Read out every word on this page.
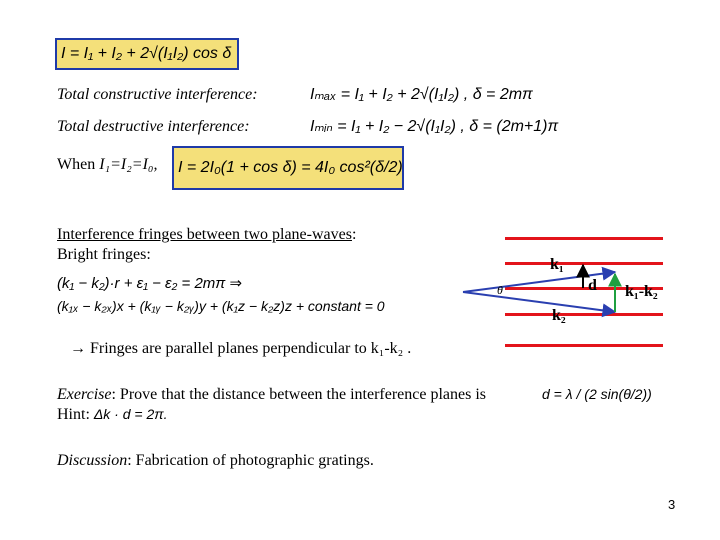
I = I₁ + I₂ + 2√(I₁I₂) cos δ
Total constructive interference:	Iₘₐₓ = I₁ + I₂ + 2√(I₁I₂) , δ = 2mπ
Total destructive interference:	Iₘᵢₙ = I₁ + I₂ − 2√(I₁I₂) , δ = (2m+1)π
When I₁=I₂=I₀,	I = 2I₀(1 + cos δ) = 4I₀ cos²(δ/2)
Interference fringes between two plane-waves:
Bright fringes:
(k₁ − k₂)·r + ε₁ − ε₂ = 2mπ ⇒
(k₁ₓ − k₂ₓ)x + (k₁ᵧ − k₂ᵧ)y + (k₁z − k₂z)z + constant = 0
→ Fringes are parallel planes perpendicular to k₁-k₂ .
k₁
k₂
θ	d k₁-k₂
Exercise: Prove that the distance between the interference planes is	d = λ / (2 sin(θ/2))
Hint: Δk · d = 2π.
Discussion: Fabrication of photographic gratings.
3
